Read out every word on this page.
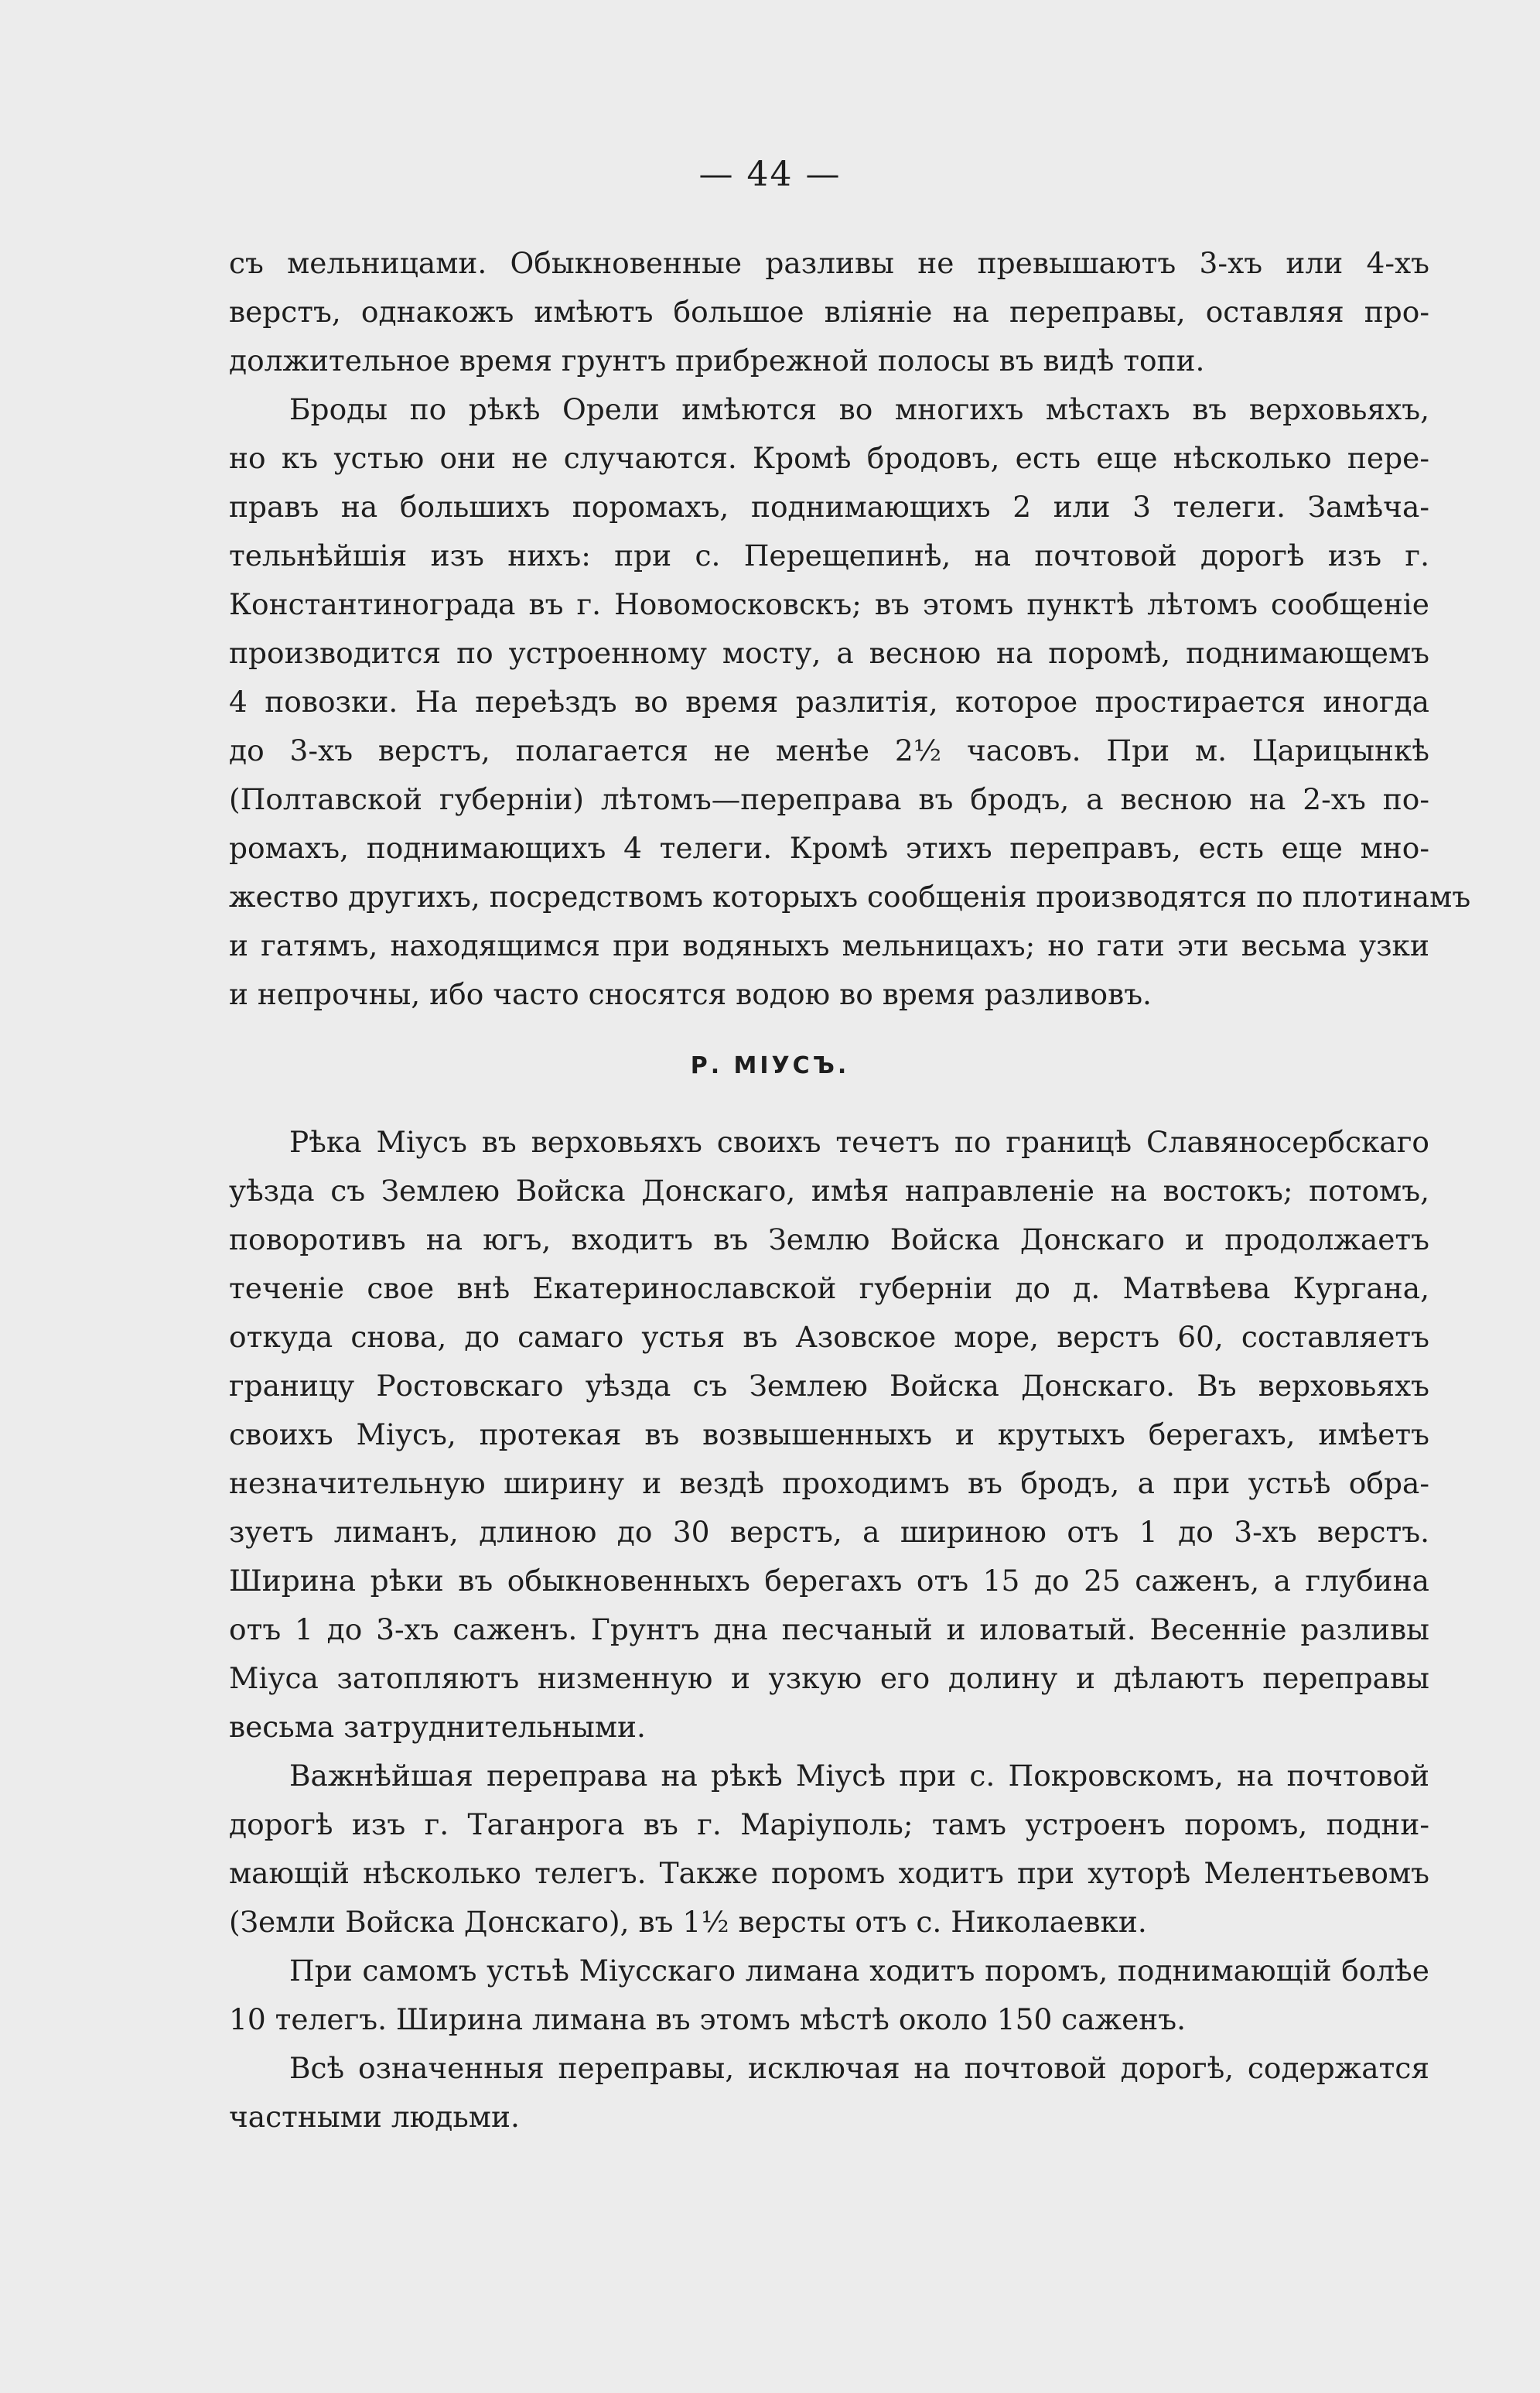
— 44 —
съ мельницами. Обыкновенные разливы не превышаютъ 3-хъ или 4-хъ
верстъ, однакожъ имѣютъ большое влiянiе на переправы, оставляя про-
должительное время грунтъ прибрежной полосы въ видѣ топи.
Броды по рѣкѣ Орели имѣются во многихъ мѣстахъ въ верховьяхъ,
но къ устью они не случаются. Кромѣ бродовъ, есть еще нѣсколько пере-
правъ на большихъ поромахъ, поднимающихъ 2 или 3 телеги. Замѣча-
тельнѣйшiя изъ нихъ: при с. Перещепинѣ, на почтовой дорогѣ изъ г.
Константинограда въ г. Новомосковскъ; въ этомъ пунктѣ лѣтомъ сообщенiе
производится по устроенному мосту, а весною на поромѣ, поднимающемъ
4 повозки. На переѣздъ во время разлитiя, которое простирается иногда
до 3-хъ верстъ, полагается не менѣе 2½ часовъ. При м. Царицынкѣ
(Полтавской губернiи) лѣтомъ—переправа въ бродъ, а весною на 2-хъ по-
ромахъ, поднимающихъ 4 телеги. Кромѣ этихъ переправъ, есть еще мно-
жество другихъ, посредствомъ которыхъ сообщенiя производятся по плотинамъ
и гатямъ, находящимся при водяныхъ мельницахъ; но гати эти весьма узки
и непрочны, ибо часто сносятся водою во время разливовъ.
Р. МIУСЪ.
Рѣка Мiусъ въ верховьяхъ своихъ течетъ по границѣ Славяносербскаго
уѣзда съ Землею Войска Донскаго, имѣя направленiе на востокъ; потомъ,
поворотивъ на югъ, входитъ въ Землю Войска Донскаго и продолжаетъ
теченiе свое внѣ Екатеринославской губернiи до д. Матвѣева Кургана,
откуда снова, до самаго устья въ Азовское море, верстъ 60, составляетъ
границу Ростовскаго уѣзда съ Землею Войска Донскаго. Въ верховьяхъ
своихъ Мiусъ, протекая въ возвышенныхъ и крутыхъ берегахъ, имѣетъ
незначительную ширину и вездѣ проходимъ въ бродъ, а при устьѣ обра-
зуетъ лиманъ, длиною до 30 верстъ, а шириною отъ 1 до 3-хъ верстъ.
Ширина рѣки въ обыкновенныхъ берегахъ отъ 15 до 25 саженъ, а глубина
отъ 1 до 3-хъ саженъ. Грунтъ дна песчаный и иловатый. Весеннiе разливы
Мiуса затопляютъ низменную и узкую его долину и дѣлаютъ переправы
весьма затруднительными.
Важнѣйшая переправа на рѣкѣ Мiусѣ при с. Покровскомъ, на почтовой
дорогѣ изъ г. Таганрога въ г. Марiуполь; тамъ устроенъ поромъ, подни-
мающiй нѣсколько телегъ. Также поромъ ходитъ при хуторѣ Мелентьевомъ
(Земли Войска Донскаго), въ 1½ версты отъ с. Николаевки.
При самомъ устьѣ Мiусскаго лимана ходитъ поромъ, поднимающiй болѣе
10 телегъ. Ширина лимана въ этомъ мѣстѣ около 150 саженъ.
Всѣ означенныя переправы, исключая на почтовой дорогѣ, содержатся
частными людьми.
